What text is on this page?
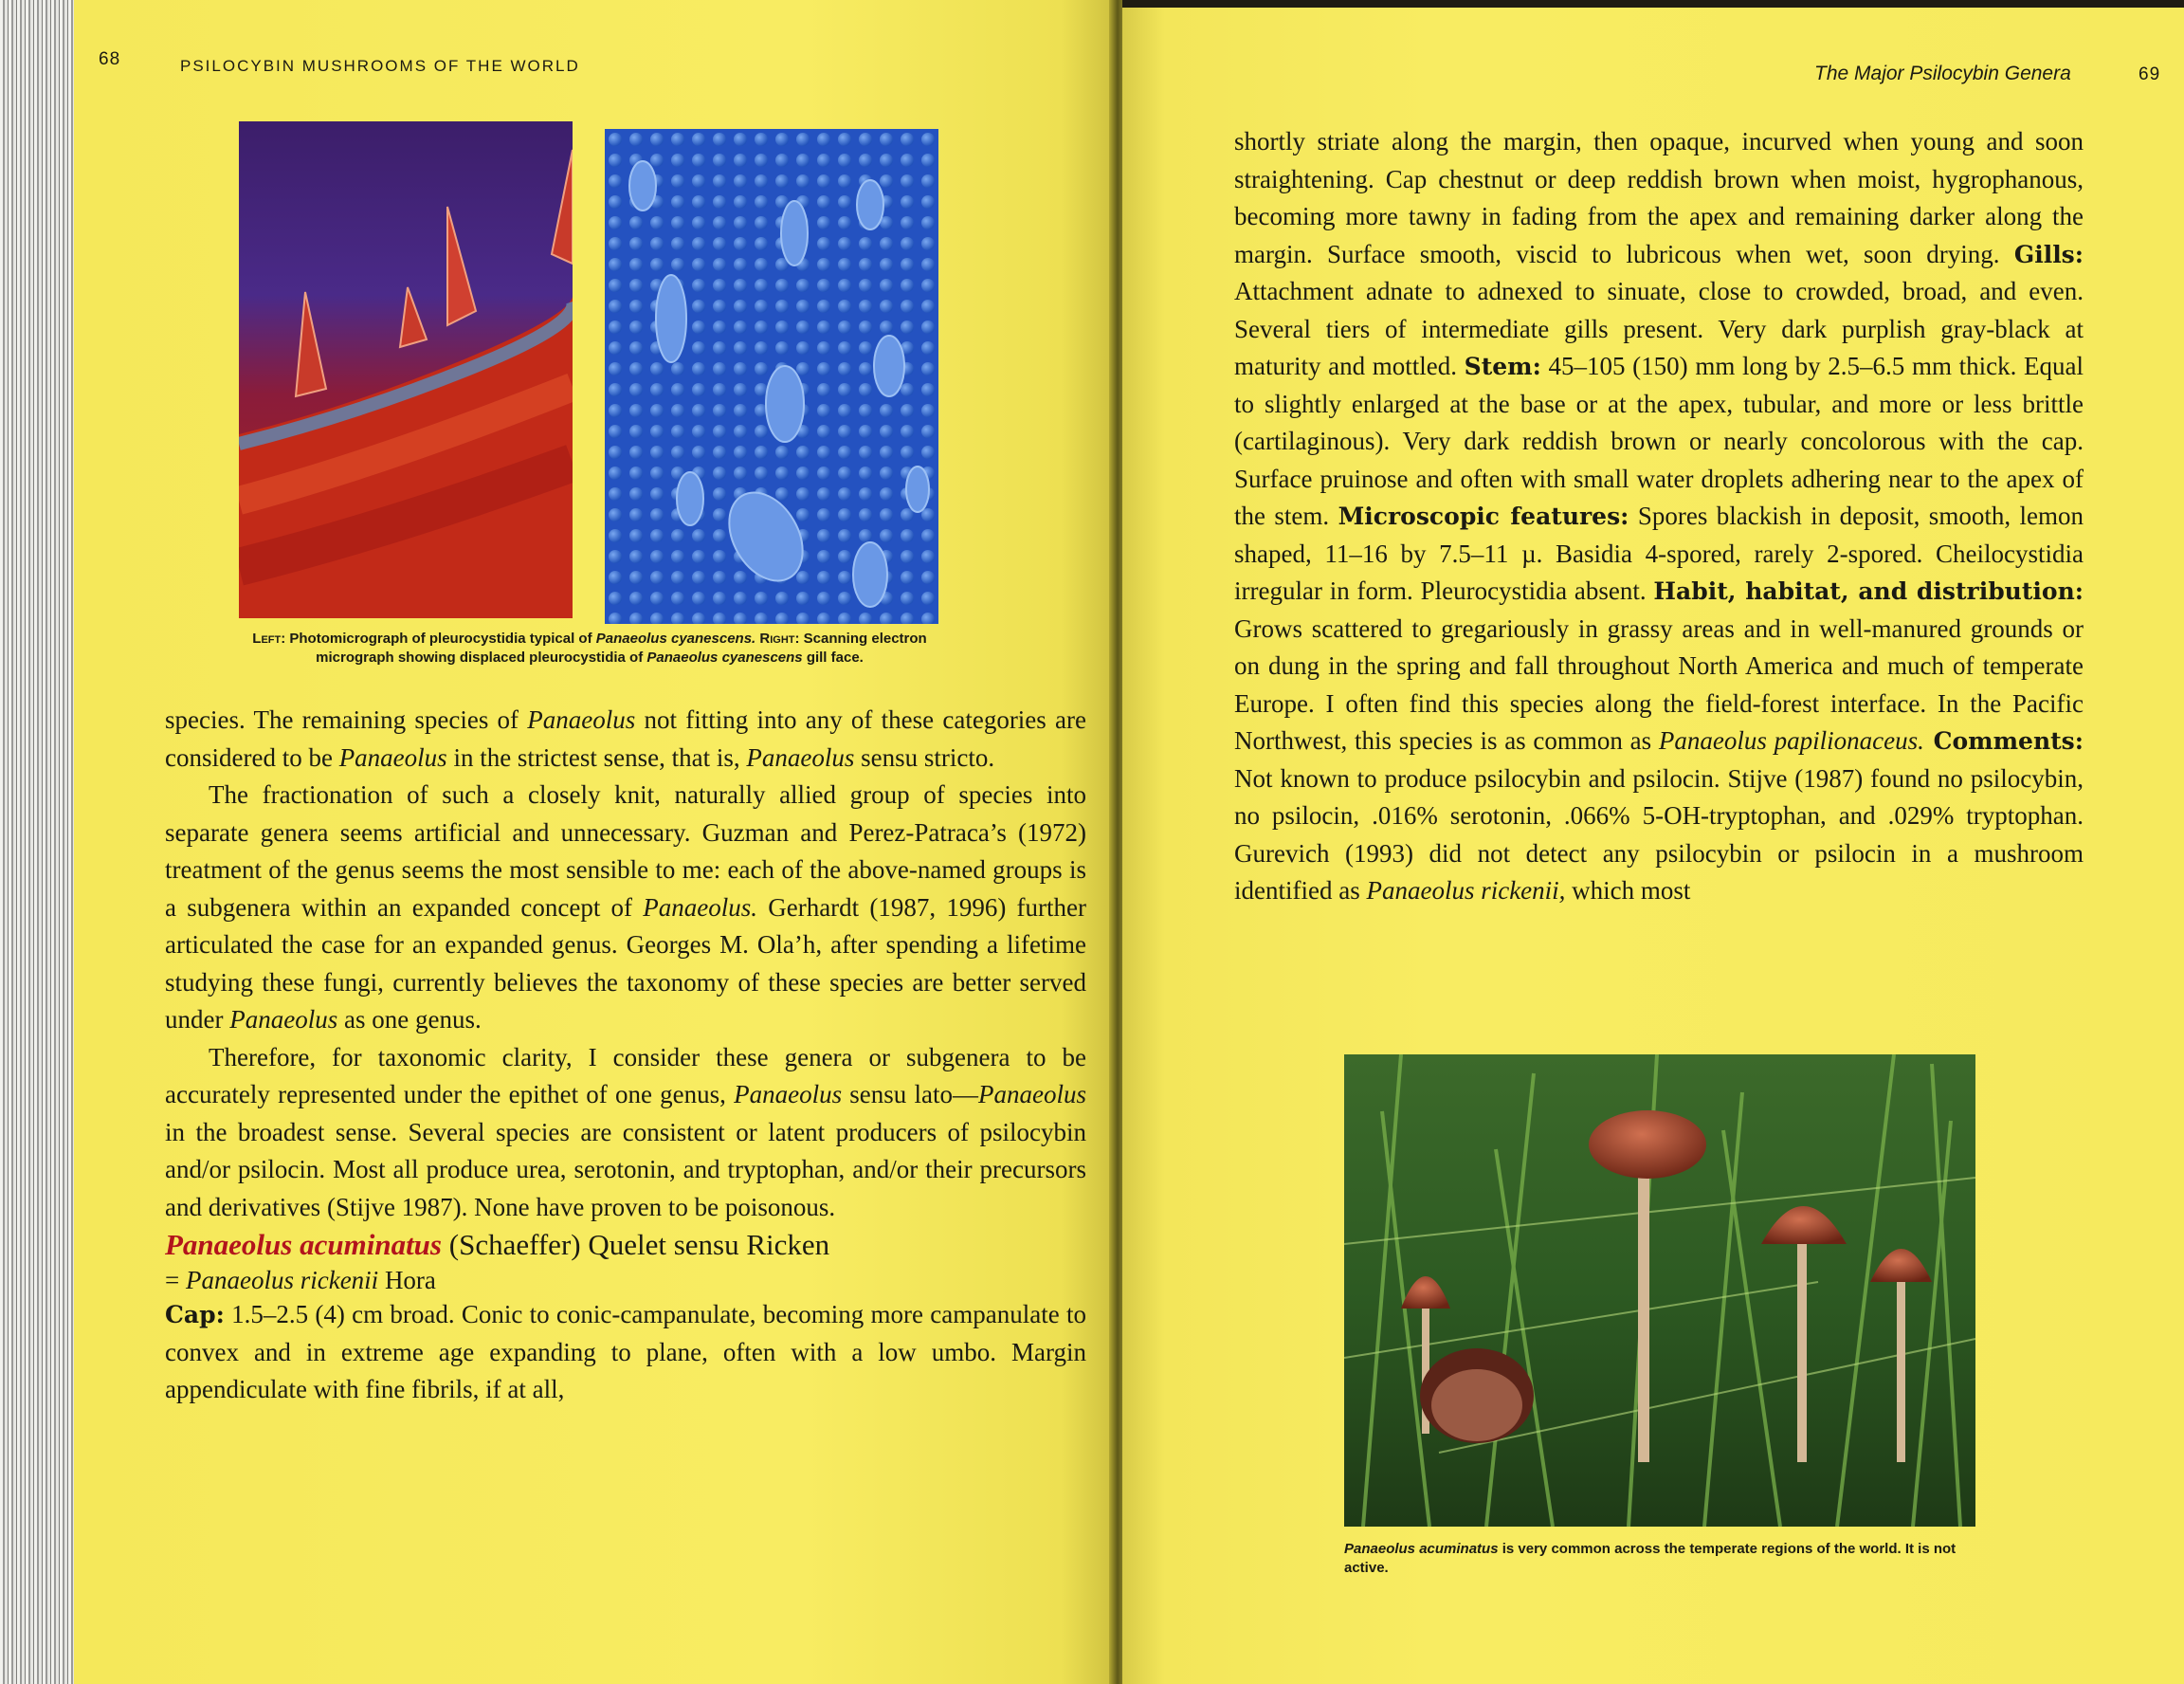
68	PSILOCYBIN MUSHROOMS OF THE WORLD
Left: Photomicrograph of pleurocystidia typical of Panaeolus cyanescens. Right: Scanning electron micrograph showing displaced pleurocystidia of Panaeolus cyanescens gill face.

species. The remaining species of Panaeolus not fitting into any of these categories are considered to be Panaeolus in the strictest sense, that is, Panaeolus sensu stricto.

The fractionation of such a closely knit, naturally allied group of species into separate genera seems artificial and unnecessary. Guzman and Perez-Patraca’s (1972) treatment of the genus seems the most sensible to me: each of the above-named groups is a subgenera within an expanded concept of Panaeolus. Gerhardt (1987, 1996) further articulated the case for an expanded genus. Georges M. Ola’h, after spending a lifetime studying these fungi, currently believes the taxonomy of these species are better served under Panaeolus as one genus.

Therefore, for taxonomic clarity, I consider these genera or subgenera to be accurately represented under the epithet of one genus, Panaeolus sensu lato—Panaeolus in the broadest sense. Several species are consistent or latent producers of psilocybin and/or psilocin. Most all produce urea, serotonin, and tryptophan, and/or their precursors and derivatives (Stijve 1987). None have proven to be poisonous.

Panaeolus acuminatus (Schaeffer) Quelet sensu Ricken

= Panaeolus rickenii Hora

Cap: 1.5–2.5 (4) cm broad. Conic to conic-campanulate, becoming more campanulate to convex and in extreme age expanding to plane, often with a low umbo. Margin appendiculate with fine fibrils, if at all,

The Major Psilocybin Genera	69

shortly striate along the margin, then opaque, incurved when young and soon straightening. Cap chestnut or deep reddish brown when moist, hygrophanous, becoming more tawny in fading from the apex and remaining darker along the margin. Surface smooth, viscid to lubricous when wet, soon drying. Gills: Attachment adnate to adnexed to sinuate, close to crowded, broad, and even. Several tiers of intermediate gills present. Very dark purplish gray-black at maturity and mottled. Stem: 45–105 (150) mm long by 2.5–6.5 mm thick. Equal to slightly enlarged at the base or at the apex, tubular, and more or less brittle (cartilaginous). Very dark reddish brown or nearly concolorous with the cap. Surface pruinose and often with small water droplets adhering near to the apex of the stem. Microscopic features: Spores blackish in deposit, smooth, lemon shaped, 11–16 by 7.5–11 µ. Basidia 4-spored, rarely 2-spored. Cheilocystidia irregular in form. Pleurocystidia absent. Habit, habitat, and distribution: Grows scattered to gregariously in grassy areas and in well-manured grounds or on dung in the spring and fall throughout North America and much of temperate Europe. I often find this species along the field-forest interface. In the Pacific Northwest, this species is as common as Panaeolus papilionaceus. Comments: Not known to produce psilocybin and psilocin. Stijve (1987) found no psilocybin, no psilocin, .016% serotonin, .066% 5-OH-tryptophan, and .029% tryptophan. Gurevich (1993) did not detect any psilocybin or psilocin in a mushroom identified as Panaeolus rickenii, which most

Panaeolus acuminatus is very common across the temperate regions of the world. It is not active.
